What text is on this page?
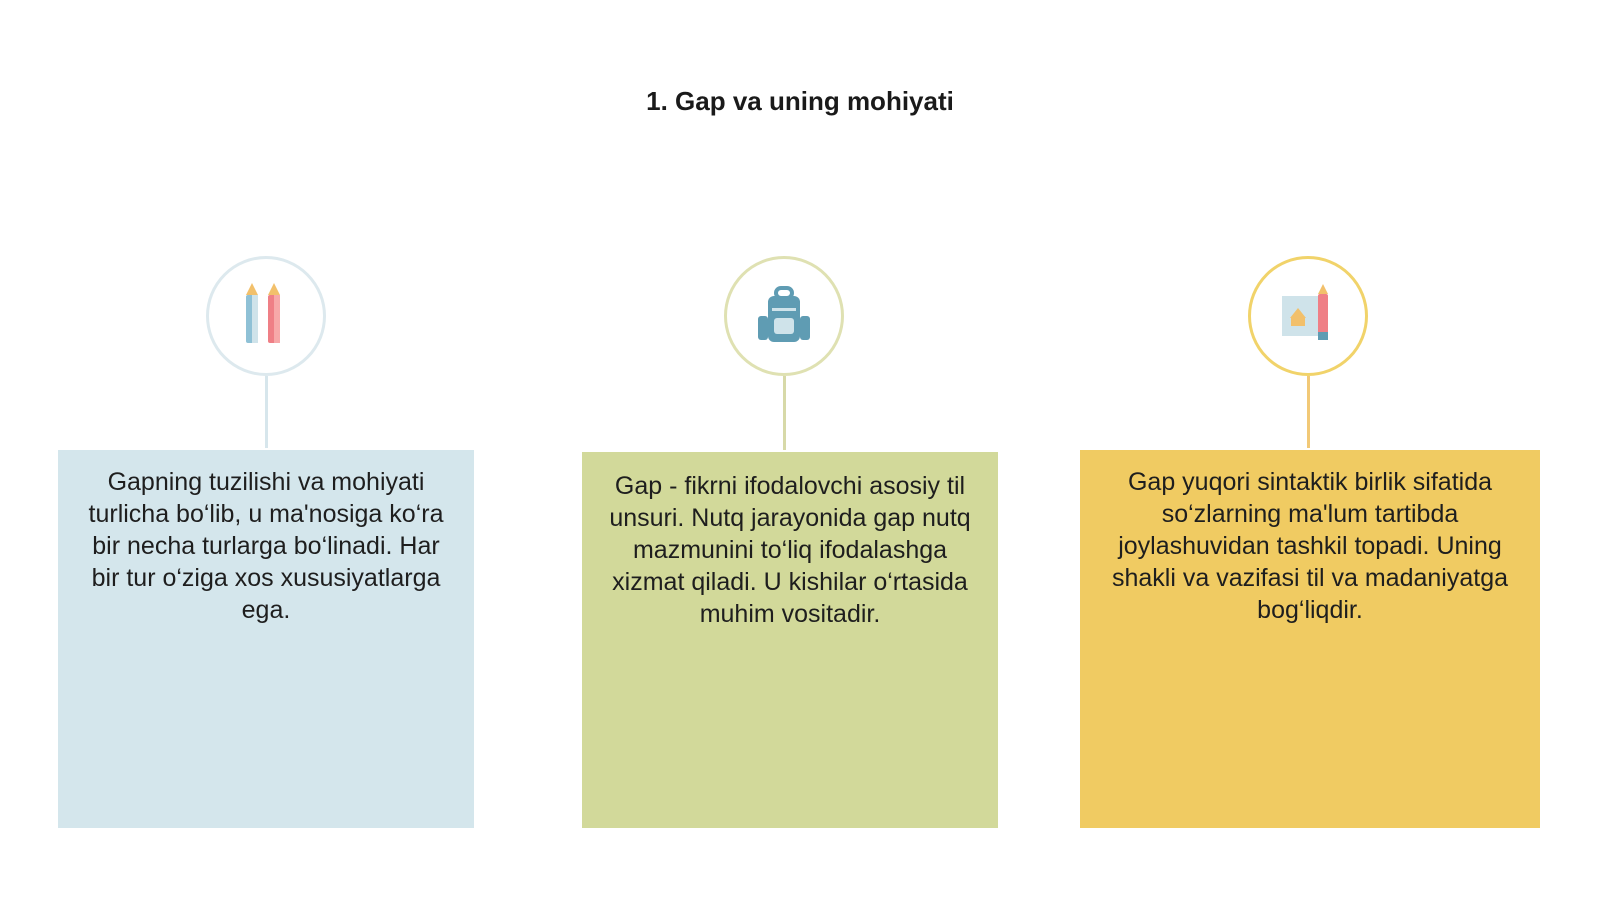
1. Gap va uning mohiyati
Gapning tuzilishi va mohiyati turlicha bo‘lib, u ma'nosiga ko‘ra bir necha turlarga bo‘linadi. Har bir tur o‘ziga xos xususiyatlarga ega.
Gap - fikrni ifodalovchi asosiy til unsuri. Nutq jarayonida gap nutq mazmunini to‘liq ifodalashga xizmat qiladi. U kishilar o‘rtasida muhim vositadir.
Gap yuqori sintaktik birlik sifatida so‘zlarning ma'lum tartibda joylashuvidan tashkil topadi. Uning shakli va vazifasi til va madaniyatga bog‘liqdir.
